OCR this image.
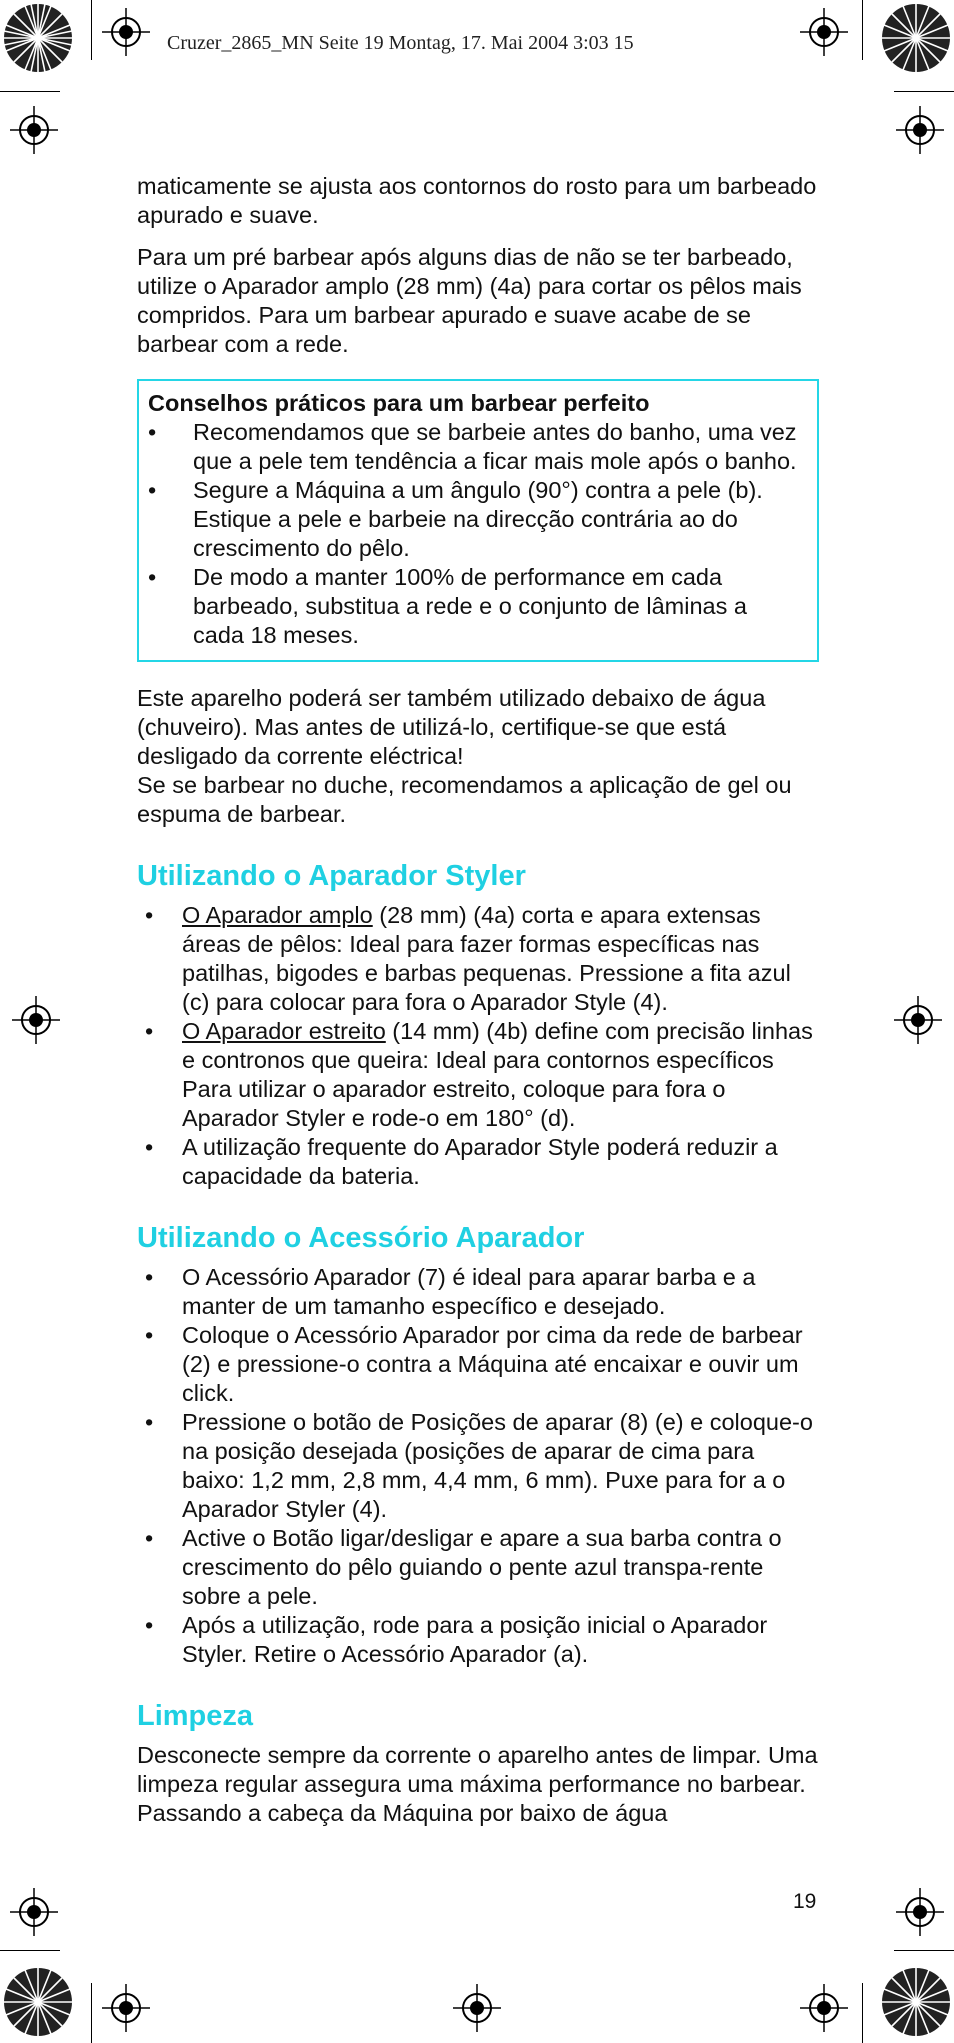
Cruzer_2865_MN Seite 19 Montag, 17. Mai 2004 3:03 15

maticamente se ajusta aos contornos do rosto para um barbeado apurado e suave.

Para um pré barbear após alguns dias de não se ter barbeado, utilize o Aparador amplo (28 mm) (4a) para cortar os pêlos mais compridos. Para um barbear apurado e suave acabe de se barbear com a rede.

Conselhos práticos para um barbear perfeito

• Recomendamos que se barbeie antes do banho, uma vez que a pele tem tendência a ficar mais mole após o banho.
• Segure a Máquina a um ângulo (90°) contra a pele (b). Estique a pele e barbeie na direcção contrária ao do crescimento do pêlo.
• De modo a manter 100% de performance em cada barbeado, substitua a rede e o conjunto de lâminas a cada 18 meses.

Este aparelho poderá ser também utilizado debaixo de água (chuveiro). Mas antes de utilizá-lo, certifique-se que está desligado da corrente eléctrica!
Se se barbear no duche, recomendamos a aplicação de gel ou espuma de barbear.

Utilizando o Aparador Styler
• O Aparador amplo (28 mm) (4a) corta e apara extensas áreas de pêlos: Ideal para fazer formas específicas nas patilhas, bigodes e barbas pequenas. Pressione a fita azul (c) para colocar para fora o Aparador Style (4).
• O Aparador estreito (14 mm) (4b) define com precisão linhas e contronos que queira: Ideal para contornos específicos Para utilizar o aparador estreito, coloque para fora o Aparador Styler e rode-o em 180° (d).
• A utilização frequente do Aparador Style poderá reduzir a capacidade da bateria.
Utilizando o Acessório Aparador
• O Acessório Aparador (7) é ideal para aparar barba e a manter de um tamanho específico e desejado.
• Coloque o Acessório Aparador por cima da rede de barbear (2) e pressione-o contra a Máquina até encaixar e ouvir um click.
• Pressione o botão de Posições de aparar (8) (e) e coloque-o na posição desejada (posições de aparar de cima para baixo: 1,2 mm, 2,8 mm, 4,4 mm, 6 mm). Puxe para for a o Aparador Styler (4).
• Active o Botão ligar/desligar e apare a sua barba contra o crescimento do pêlo guiando o pente azul transpa-rente sobre a pele.
• Após a utilização, rode para a posição inicial o Aparador Styler. Retire o Acessório Aparador (a).
Limpeza

Desconecte sempre da corrente o aparelho antes de limpar. Uma limpeza regular assegura uma máxima performance no barbear. Passando a cabeça da Máquina por baixo de água

19
